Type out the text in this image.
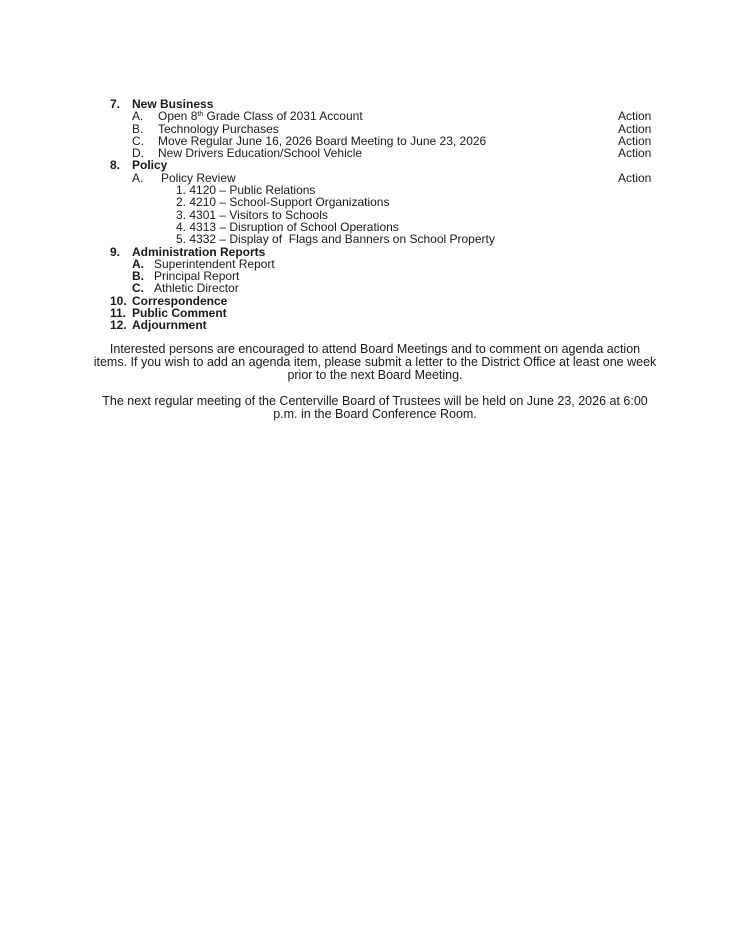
7. New Business
A. Open 8th Grade Class of 2031 Account	Action
B. Technology Purchases	Action
C. Move Regular June 16, 2026 Board Meeting to June 23, 2026	Action
D. New Drivers Education/School Vehicle	Action
8. Policy
A. Policy Review	Action
1. 4120 – Public Relations
2. 4210 – School-Support Organizations
3. 4301 – Visitors to Schools
4. 4313 – Disruption of School Operations
5. 4332 – Display of  Flags and Banners on School Property
9. Administration Reports
A. Superintendent Report
B. Principal Report
C. Athletic Director
10. Correspondence
11. Public Comment
12. Adjournment
Interested persons are encouraged to attend Board Meetings and to comment on agenda action items. If you wish to add an agenda item, please submit a letter to the District Office at least one week prior to the next Board Meeting.
The next regular meeting of the Centerville Board of Trustees will be held on June 23, 2026 at 6:00 p.m. in the Board Conference Room.
